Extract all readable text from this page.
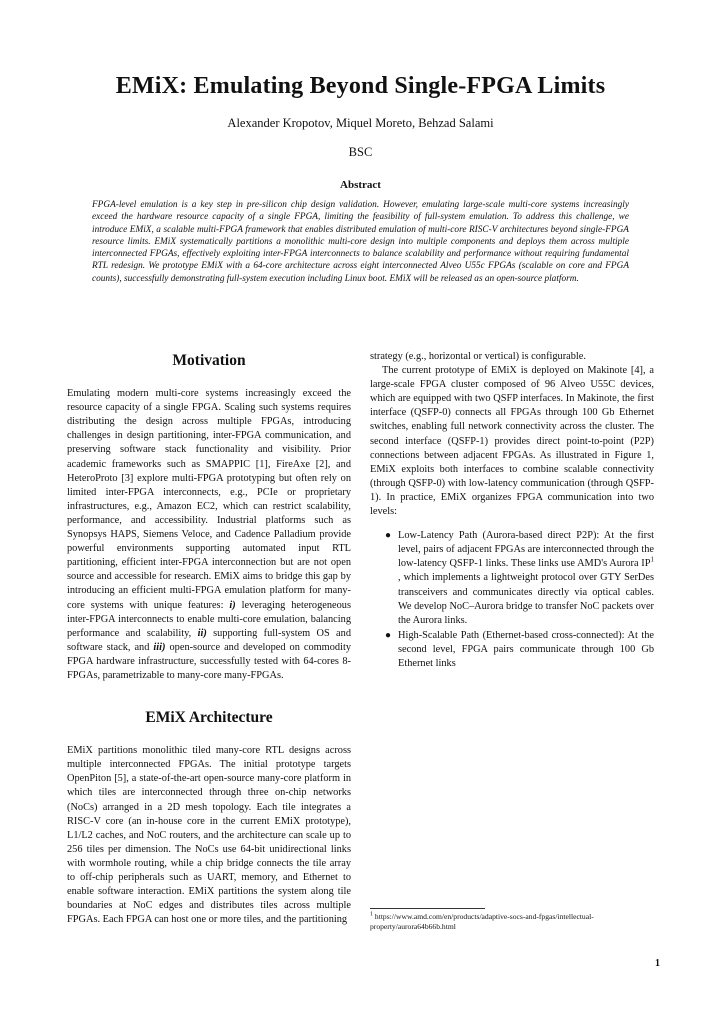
EMiX: Emulating Beyond Single-FPGA Limits
Alexander Kropotov, Miquel Moreto, Behzad Salami
BSC
Abstract
FPGA-level emulation is a key step in pre-silicon chip design validation. However, emulating large-scale multi-core systems increasingly exceed the hardware resource capacity of a single FPGA, limiting the feasibility of full-system emulation. To address this challenge, we introduce EMiX, a scalable multi-FPGA framework that enables distributed emulation of multi-core RISC-V architectures beyond single-FPGA resource limits. EMiX systematically partitions a monolithic multi-core design into multiple components and deploys them across multiple interconnected FPGAs, effectively exploiting inter-FPGA interconnects to balance scalability and performance without requiring fundamental RTL redesign. We prototype EMiX with a 64-core architecture across eight interconnected Alveo U55c FPGAs (scalable on core and FPGA counts), successfully demonstrating full-system execution including Linux boot. EMiX will be released as an open-source platform.
Motivation

Emulating modern multi-core systems increasingly exceed the resource capacity of a single FPGA. Scaling such systems requires distributing the design across multiple FPGAs, introducing challenges in design partitioning, inter-FPGA communication, and preserving software stack functionality and visibility. Prior academic frameworks such as SMAPPIC [1], FireAxe [2], and HeteroProto [3] explore multi-FPGA prototyping but often rely on limited inter-FPGA interconnects, e.g., PCIe or proprietary infrastructures, e.g., Amazon EC2, which can restrict scalability, performance, and accessibility. Industrial platforms such as Synopsys HAPS, Siemens Veloce, and Cadence Palladium provide powerful environments supporting automated input RTL partitioning, efficient inter-FPGA interconnection but are not open source and accessible for research. EMiX aims to bridge this gap by introducing an efficient multi-FPGA emulation platform for many-core systems with unique features: i) leveraging heterogeneous inter-FPGA interconnects to enable multi-core emulation, balancing performance and scalability, ii) supporting full-system OS and software stack, and iii) open-source and developed on commodity FPGA hardware infrastructure, successfully tested with 64-cores 8-FPGAs, parametrizable to many-core many-FPGAs.

EMiX Architecture

EMiX partitions monolithic tiled many-core RTL designs across multiple interconnected FPGAs. The initial prototype targets OpenPiton [5], a state-of-the-art open-source many-core platform in which tiles are interconnected through three on-chip networks (NoCs) arranged in a 2D mesh topology. Each tile integrates a RISC-V core (an in-house core in the current EMiX prototype), L1/L2 caches, and NoC routers, and the architecture can scale up to 256 tiles per dimension. The NoCs use 64-bit unidirectional links with wormhole routing, while a chip bridge connects the tile array to off-chip peripherals such as UART, memory, and Ethernet to enable software interaction. EMiX partitions the system along tile boundaries at NoC edges and distributes tiles across multiple FPGAs. Each FPGA can host one or more tiles, and the partitioning

strategy (e.g., horizontal or vertical) is configurable.

The current prototype of EMiX is deployed on Makinote [4], a large-scale FPGA cluster composed of 96 Alveo U55C devices, which are equipped with two QSFP interfaces. In Makinote, the first interface (QSFP-0) connects all FPGAs through 100 Gb Ethernet switches, enabling full network connectivity across the cluster. The second interface (QSFP-1) provides direct point-to-point (P2P) connections between adjacent FPGAs. As illustrated in Figure 1, EMiX exploits both interfaces to combine scalable connectivity (through QSFP-0) with low-latency communication (through QSFP-1). In practice, EMiX organizes FPGA communication into two levels:

● Low-Latency Path (Aurora-based direct P2P): At the first level, pairs of adjacent FPGAs are interconnected through the low-latency QSFP-1 links. These links use AMD's Aurora $IP^1$ , which implements a lightweight protocol over GTY SerDes transceivers and communicates directly via optical cables. We develop NoC–Aurora bridge to transfer NoC packets over the Aurora links.
● High-Scalable Path (Ethernet-based cross-connected): At the second level, FPGA pairs communicate through 100 Gb Ethernet links
$^1$ https://www.amd.com/en/products/adaptive-socs-and-fpgas/intellectual-property/aurora64b66b.html
1
